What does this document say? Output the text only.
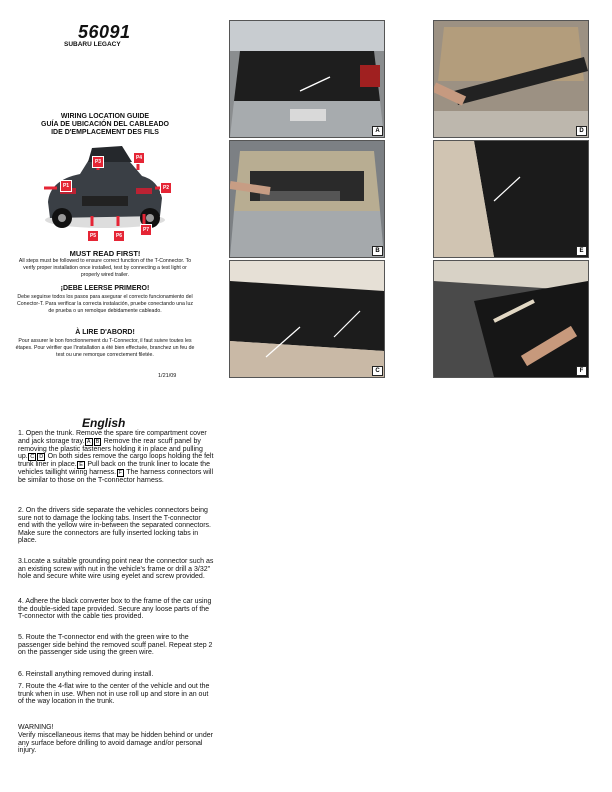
56091
SUBARU LEGACY
WIRING LOCATION GUIDE
GUÍA DE UBICACIÓN DEL CABLEADO
IDE D'EMPLACEMENT DES FILS
P1	P2
P3
P4
P5	P6
P7
MUST READ FIRST!
All steps must be followed to ensure correct function of the T-Connector. To verify proper installation once installed, test by connecting a test light or properly wired trailer.
¡DEBE LEERSE PRIMERO!
Debe seguirse todos los pasos para asegurar el correcto funcionamiento del Conector-T. Para verificar la correcta instalación, pruebe conectando una luz de prueba o un remolque debidamente cableado.
À LIRE D'ABORD!
Pour assurer le bon fonctionnement du T-Connector, il faut suivre toutes les étapes. Pour vérifier que l'installation a été bien effectuée, branchez un feu de test ou une remorque correctement filetée.
1/21/09
A
B
C
D
E
F
English

1. Open the trunk. Remove the spare tire compartment cover and jack storage tray. A B Remove the rear scuff panel by removing the plastic fasteners holding it in place and pulling up. C D On both sides remove the cargo loops holding the felt trunk liner in place. E Pull back on the trunk liner to locate the vehicles taillight wiring harness. F The harness connectors will be similar to those on the T-connector harness.

2. On the drivers side separate the vehicles connectors being sure not to damage the locking tabs. Insert the T-connector end with the yellow wire in-between the separated connectors. Make sure the connectors are fully inserted locking tabs in place.
3.Locate a suitable grounding point near the connector such as an existing screw with nut in the vehicle's frame or drill a 3/32" hole and secure white wire using eyelet and screw provided.
4. Adhere the black converter box to the frame of the car using the double-sided tape provided. Secure any loose parts of the T-connector with the cable ties provided.
5. Route the T-connector end with the green wire to the passenger side behind the removed scuff panel. Repeat step 2 on the passenger side using the green wire.
6. Reinstall anything removed during install.
7. Route the 4-flat wire to the center of the vehicle and out the trunk when in use. When not in use roll up and store in an out of the way location in the trunk.
WARNING!
Verify miscellaneous items that may be hidden behind or under any surface before drilling to avoid damage and/or personal injury.
